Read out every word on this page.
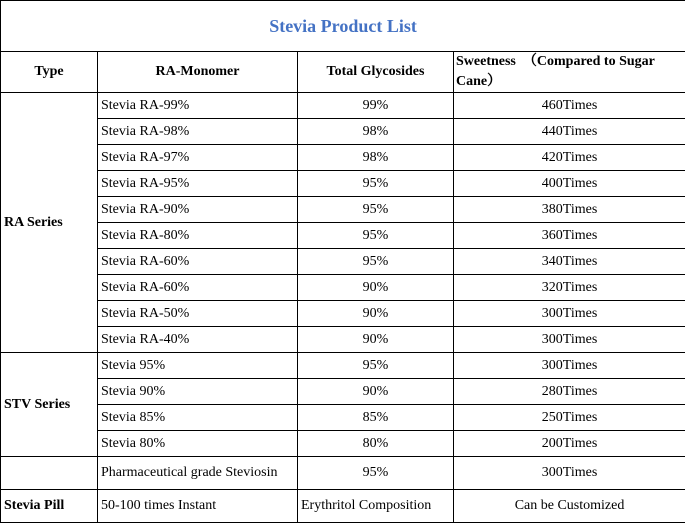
Stevia Product List			
Type	RA-Monomer	Total Glycosides	Sweetness　（Compared to Sugar Cane）
RA Series	Stevia RA-99%	99%	460Times
	Stevia RA-98%	98%	440Times
	Stevia RA-97%	98%	420Times
	Stevia RA-95%	95%	400Times
	Stevia RA-90%	95%	380Times
	Stevia RA-80%	95%	360Times
	Stevia RA-60%	95%	340Times
	Stevia RA-60%	90%	320Times
	Stevia RA-50%	90%	300Times
	Stevia RA-40%	90%	300Times
STV Series	Stevia 95%	95%	300Times
	Stevia 90%	90%	280Times
	Stevia 85%	85%	250Times
	Stevia 80%	80%	200Times
	Pharmaceutical grade Steviosin	95%	300Times
Stevia Pill	50-100 times Instant	Erythritol Composition	Can be Customized
